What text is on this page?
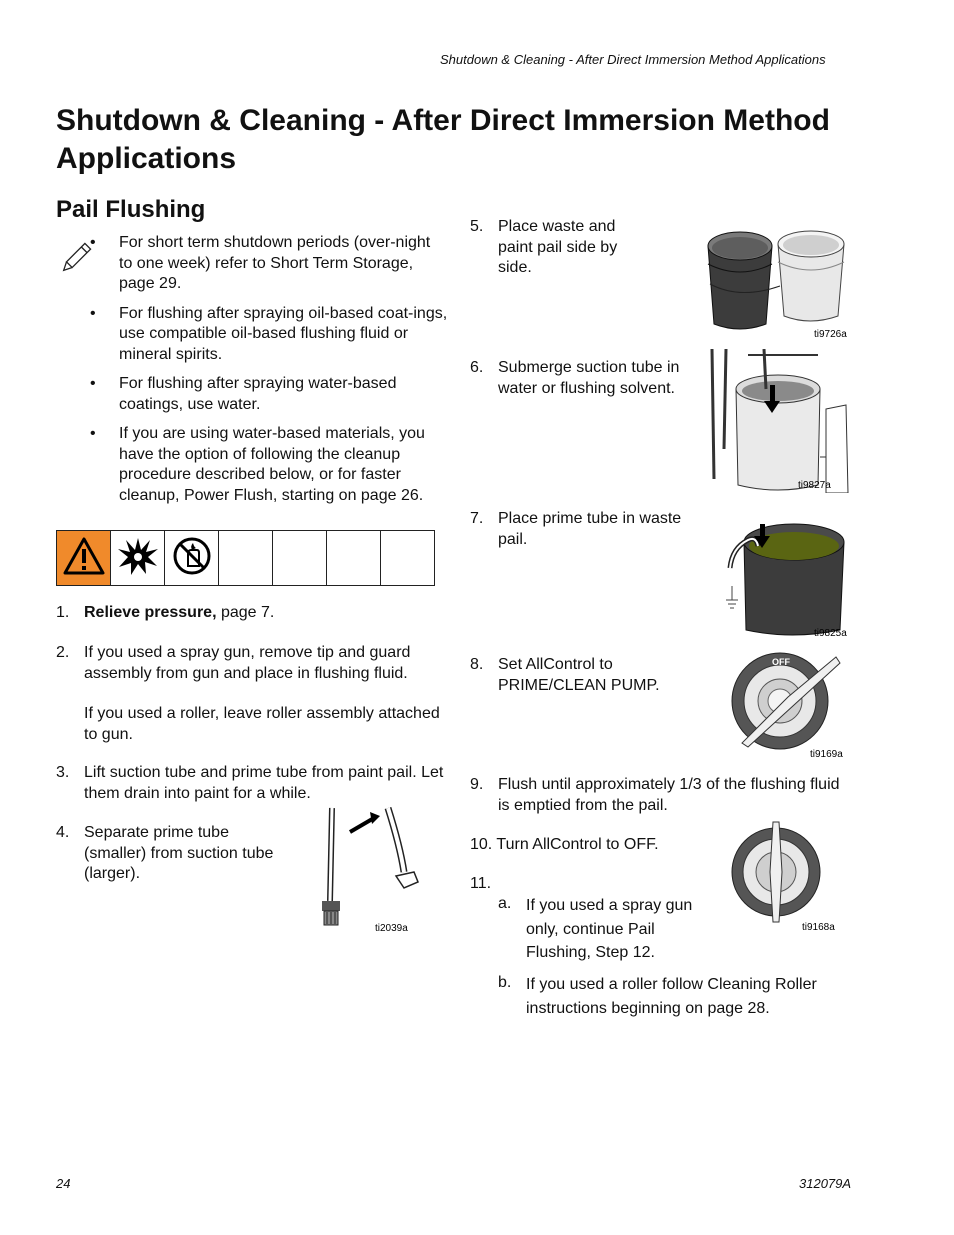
Shutdown & Cleaning - After Direct Immersion Method Applications
Shutdown & Cleaning - After Direct Immersion Method Applications
Pail Flushing
• For short term shutdown periods (over-night to one week) refer to Short Term Storage, page 29.
• For flushing after spraying oil-based coat-ings, use compatible oil-based flushing fluid or mineral spirits.
• For flushing after spraying water-based coatings, use water.
• If you are using water-based materials, you have the option of following the cleanup procedure described below, or for faster cleanup, Power Flush, starting on page 26.

1. Relieve pressure, page 7.
2. If you used a spray gun, remove tip and guard assembly from gun and place in flushing fluid.
If you used a roller, leave roller assembly attached to gun.
3. Lift suction tube and prime tube from paint pail. Let them drain into paint for a while.
4. Separate prime tube (smaller) from suction tube (larger).
ti2039a
5. Place waste and paint pail side by side.
ti9726a
6. Submerge suction tube in water or flushing solvent.
ti9827a
7. Place prime tube in waste pail.
ti9825a
8. Set AllControl to PRIME/CLEAN PUMP.
OFF
ti9169a
9. Flush until approximately 1/3 of the flushing fluid is emptied from the pail.
10. Turn AllControl to OFF.
ti9168a
11.
a. If you used a spray gun only, continue Pail Flushing, Step 12.
b. If you used a roller follow Cleaning Roller instructions beginning on page 28.
24	312079A
